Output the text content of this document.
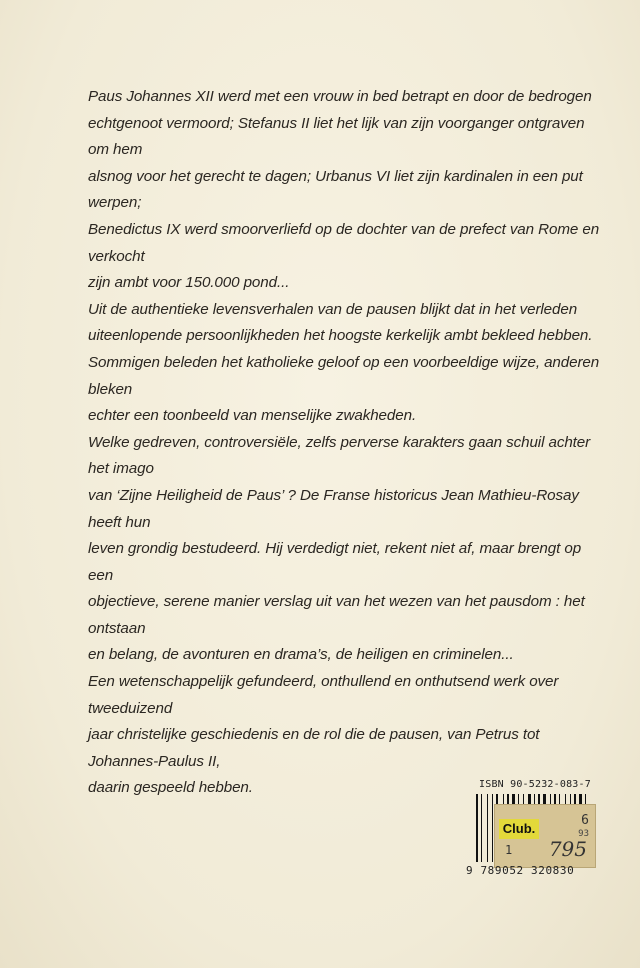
Paus Johannes XII werd met een vrouw in bed betrapt en door de bedrogen

echtgenoot vermoord; Stefanus II liet het lijk van zijn voorganger ontgraven om hem

alsnog voor het gerecht te dagen; Urbanus VI liet zijn kardinalen in een put werpen;

Benedictus IX werd smoorverliefd op de dochter van de prefect van Rome en verkocht

zijn ambt voor 150.000 pond...

Uit de authentieke levensverhalen van de pausen blijkt dat in het verleden

uiteenlopende persoonlijkheden het hoogste kerkelijk ambt bekleed hebben.

Sommigen beleden het katholieke geloof op een voorbeeldige wijze, anderen bleken

echter een toonbeeld van menselijke zwakheden.

Welke gedreven, controversiële, zelfs perverse karakters gaan schuil achter het imago

van ‘Zijne Heiligheid de Paus’ ? De Franse historicus Jean Mathieu-Rosay heeft hun

leven grondig bestudeerd. Hij verdedigt niet, rekent niet af, maar brengt op een

objectieve, serene manier verslag uit van het wezen van het pausdom : het ontstaan

en belang, de avonturen en drama’s, de heiligen en criminelen...

Een wetenschappelijk gefundeerd, onthullend en onthutsend werk over tweeduizend

jaar christelijke geschiedenis en de rol die de pausen, van Petrus tot Johannes-Paulus II,

daarin gespeeld hebben.	ISBN 90-5232-083-7
Club.
6
93
1 795
9 789052 320830
